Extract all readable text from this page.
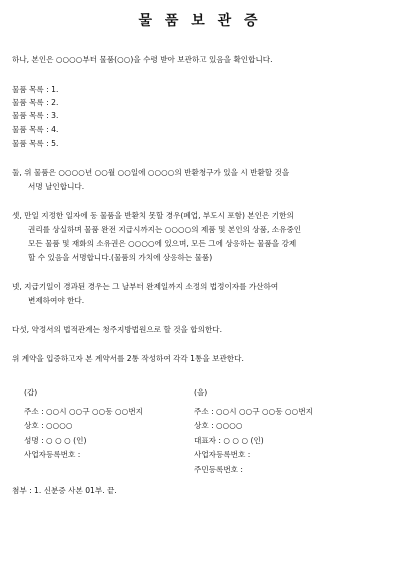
물 품 보 관 증
하나, 본인은 ○○○○부터 물품(○○)을 수령 받아 보관하고 있음을 확인합니다.
물품 목록 : 1.
물품 목록 : 2.
물품 목록 : 3.
물품 목록 : 4.
물품 목록 : 5.
둘, 위 물품은 ○○○○년 ○○월 ○○일에 ○○○○의 반환청구가 있을 시 반환할 것을
서명 날인합니다.
셋, 만일 지정한 일자에 동 물품을 반환치 못할 경우(폐업, 부도시 포함) 본인은 기한의
권리를 상실하며 물품 완전 지급시까지는 ○○○○의 제품 및 본인의 상품, 소유중인
모든 물품 및 재화의 소유권은 ○○○○에 있으며, 모든 그에 상응하는 물품을 강제
할 수 있음을 서명합니다.(물품의 가치에 상응하는 물품)
넷, 지급기일이 경과된 경우는 그 날부터 완제일까지 소정의 법정이자를 가산하여
변제하여야 한다.
다섯, 약정서의 법적관계는 청주지방법원으로 할 것을 합의한다.
위 계약을 입증하고자 본 계약서를 2통 작성하여 각각 1통을 보관한다.
(갑)
주소 : ○○시 ○○구 ○○동 ○○번지
상호 : ○○○○
성명 : ○ ○ ○ (인)
사업자등록번호 :
(을)
주소 : ○○시 ○○구 ○○동 ○○번지
상호 : ○○○○
대표자 : ○ ○ ○ (인)
사업자등록번호 :
주민등록번호 :
첨부 : 1. 신분증 사본 01부. 끝.
